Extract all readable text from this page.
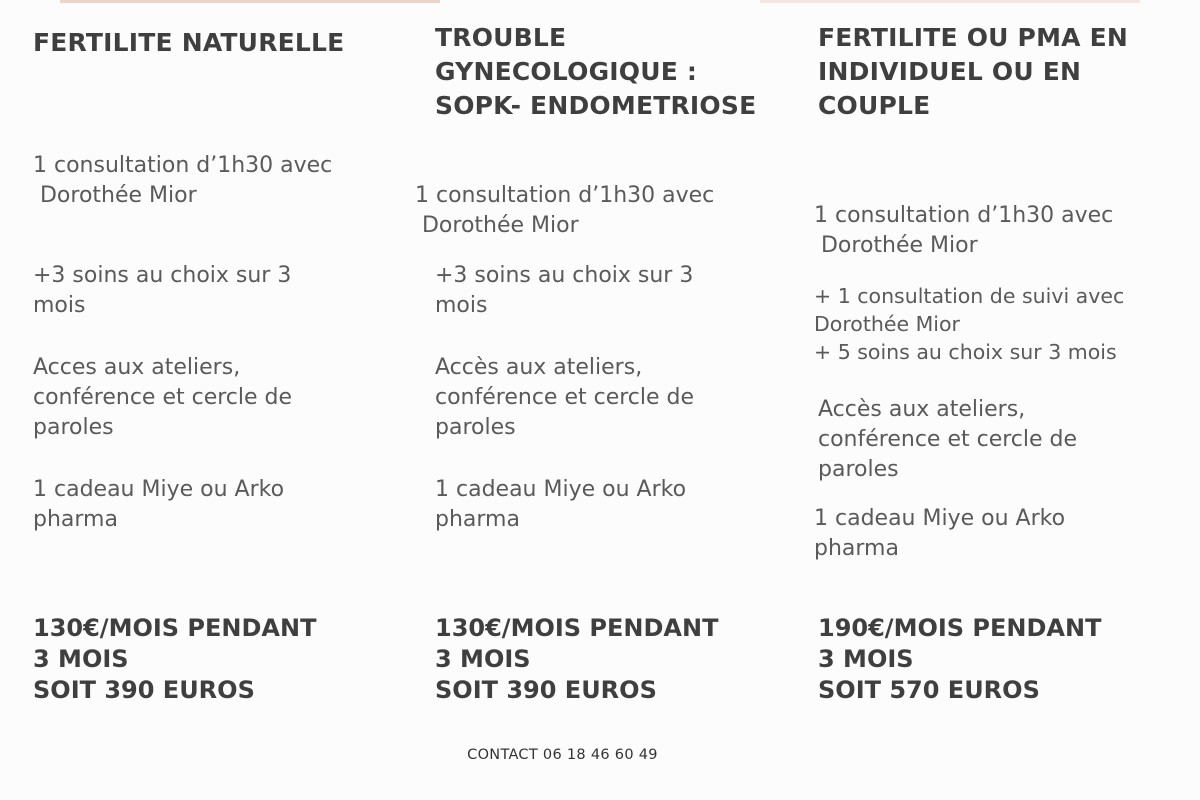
FERTILITE NATURELLE

1 consultation d’1h30 avec
Dorothée Mior

+3 soins au choix sur 3
mois

Acces aux ateliers,
conférence et cercle de
paroles

1 cadeau Miye ou Arko
pharma

130€/MOIS PENDANT
3 MOIS
SOIT 390 EUROS

TROUBLE
GYNECOLOGIQUE :
SOPK- ENDOMETRIOSE

1 consultation d’1h30 avec
Dorothée Mior

+3 soins au choix sur 3
mois

Accès aux ateliers,
conférence et cercle de
paroles

1 cadeau Miye ou Arko
pharma

130€/MOIS PENDANT
3 MOIS
SOIT 390 EUROS

FERTILITE OU PMA EN
INDIVIDUEL OU EN
COUPLE

1 consultation d’1h30 avec
Dorothée Mior

+ 1 consultation de suivi avec
Dorothée Mior
+ 5 soins au choix sur 3 mois

Accès aux ateliers,
conférence et cercle de
paroles

1 cadeau Miye ou Arko
pharma

190€/MOIS PENDANT
3 MOIS
SOIT 570 EUROS

CONTACT 06 18 46 60 49
